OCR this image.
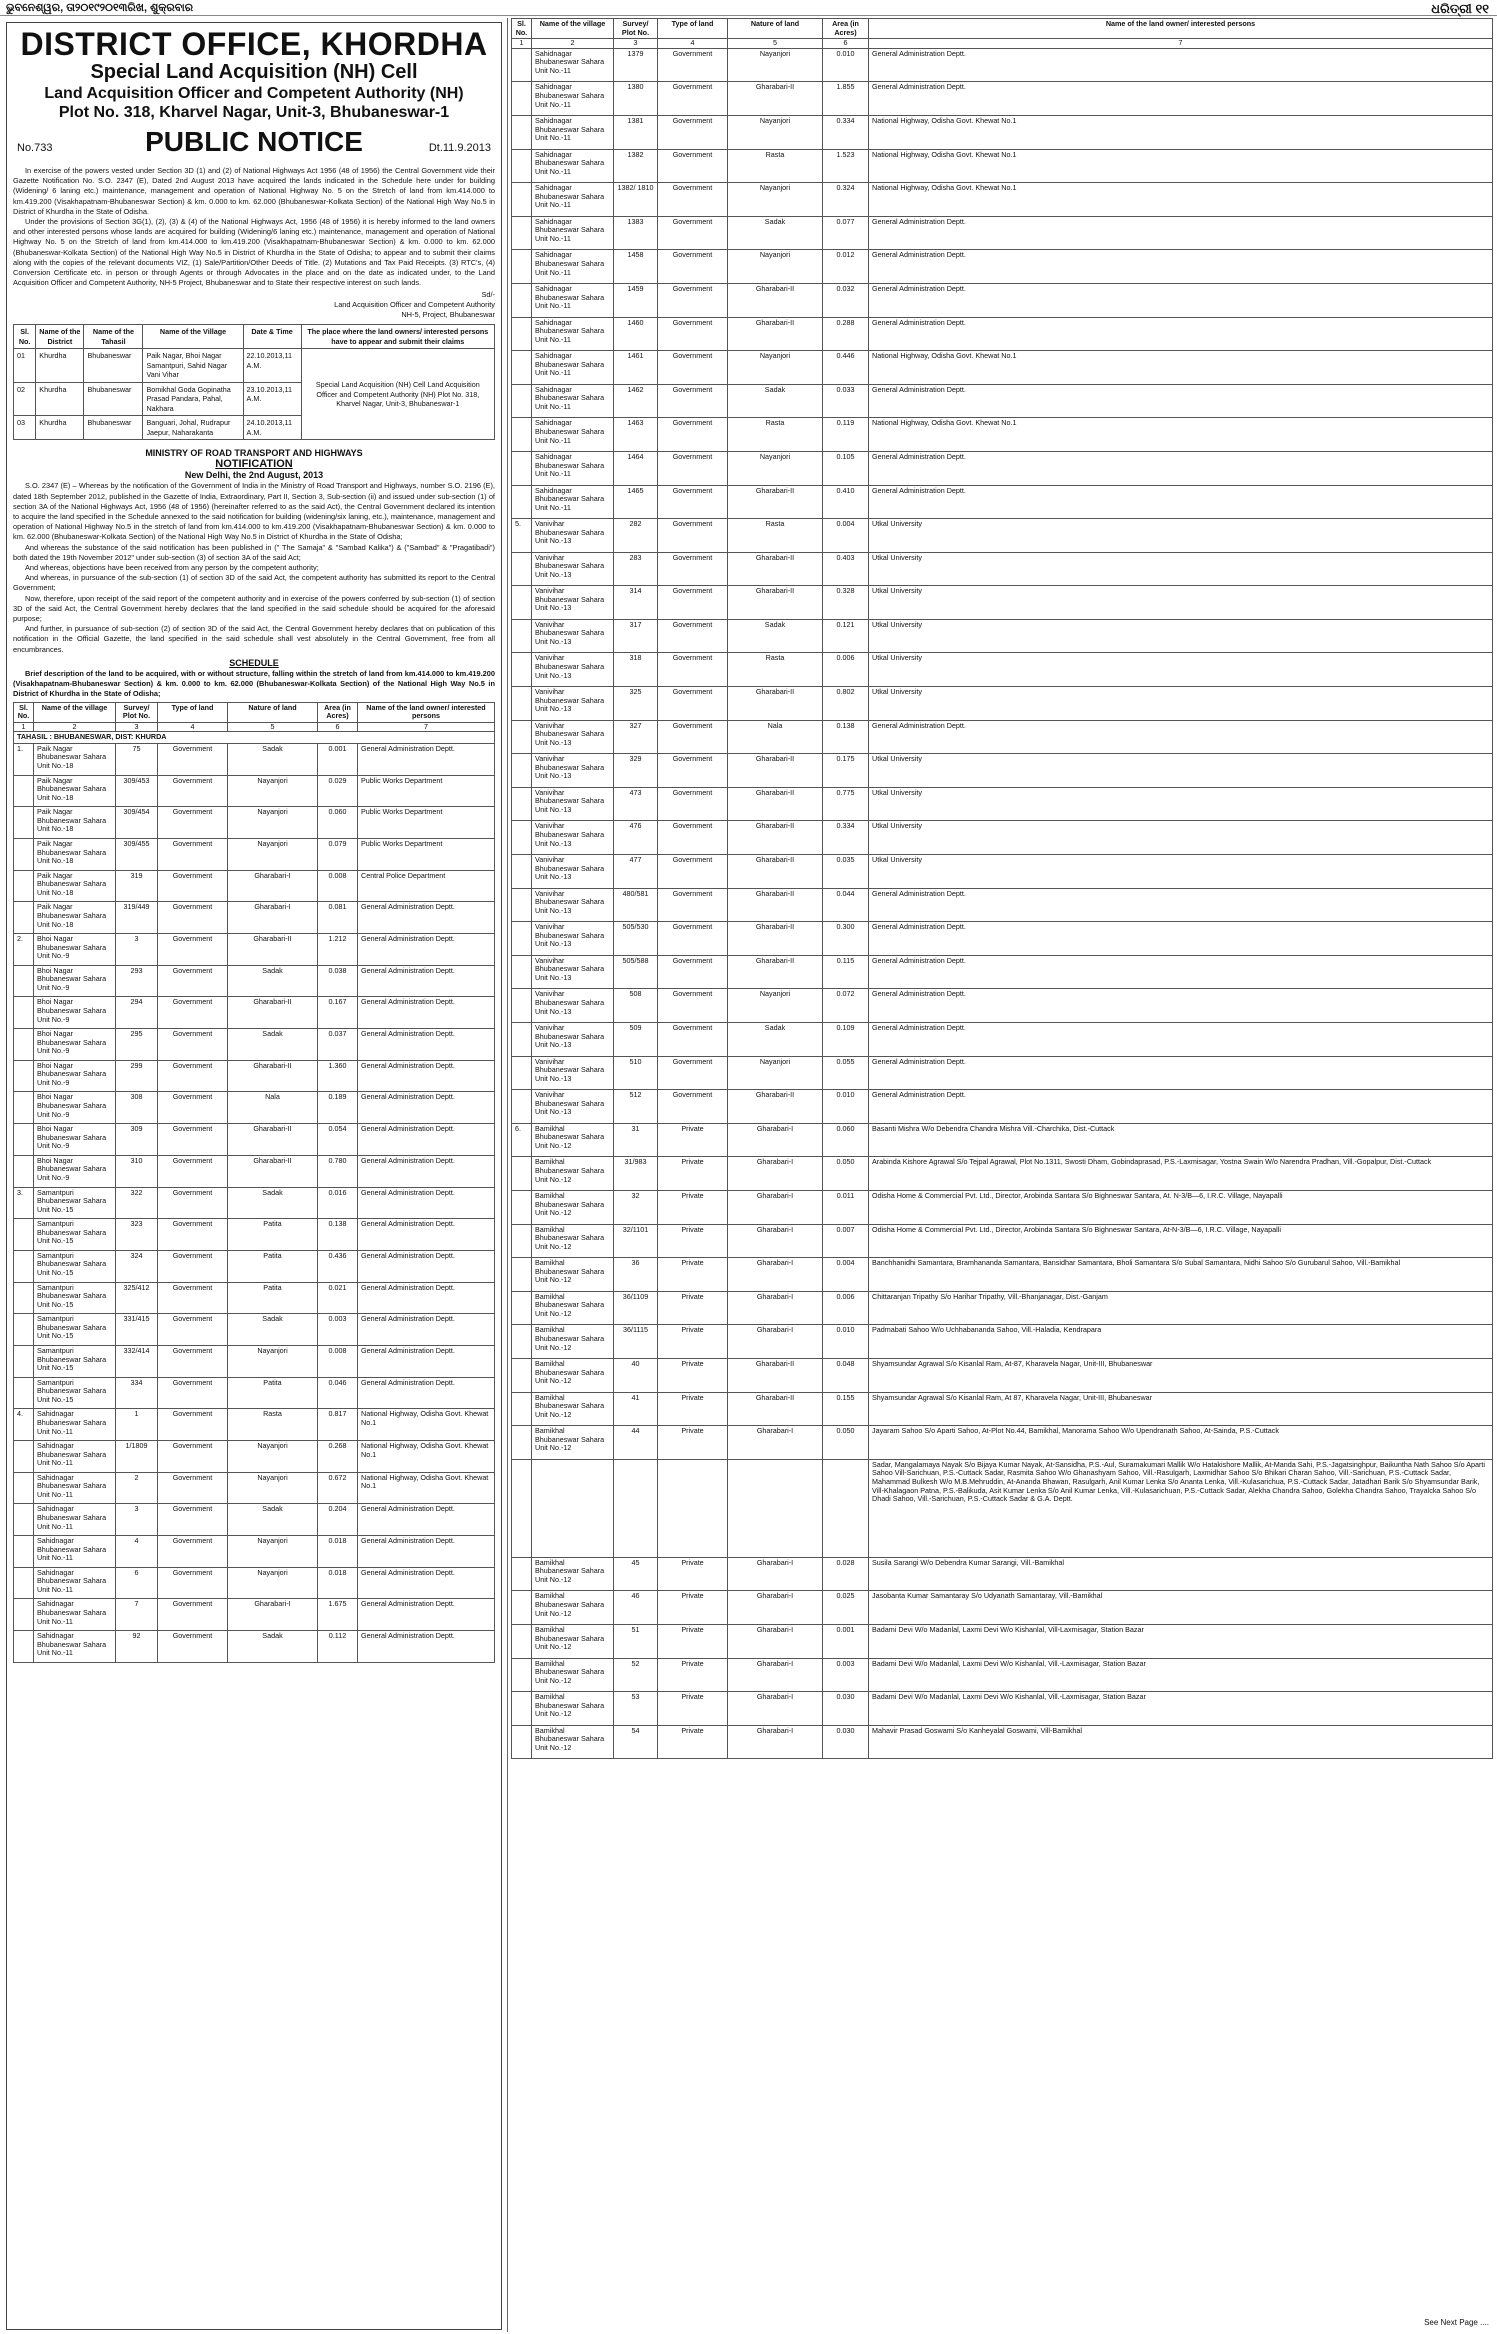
ଭୁବନେଶ୍ୱର, ତା୨୦୧୯୨୦୧୩ରିଖ, ଶୁକ୍ରବାର	ଧରିତ୍ରୀ ୧୧
DISTRICT OFFICE, KHORDHA
Special Land Acquisition (NH) Cell
Land Acquisition Officer and Competent Authority (NH)
Plot No. 318, Kharvel Nagar, Unit-3, Bhubaneswar-1
No.733	PUBLIC NOTICE	Dt.11.9.2013

In exercise of the powers vested under Section 3D (1) and (2) of National Highways Act 1956 (48 of 1956) the Central Government vide their Gazette Notification No. S.O. 2347 (E), Dated 2nd August 2013 have acquired the lands indicated in the Schedule here under for building (Widening/ 6 laning etc.) maintenance, management and operation of National Highway No. 5 on the Stretch of land from km.414.000 to km.419.200 (Visakhapatnam-Bhubaneswar Section) & km. 0.000 to km. 62.000 (Bhubaneswar-Kolkata Section) of the National High Way No.5 in District of Khurdha in the State of Odisha.

Under the provisions of Section 3G(1), (2), (3) & (4) of the National Highways Act, 1956 (48 of 1956) it is hereby informed to the land owners and other interested persons whose lands are acquired for building (Widening/6 laning etc.) maintenance, management and operation of National Highway No. 5 on the Stretch of land from km.414.000 to km.419.200 (Visakhapatnam-Bhubaneswar Section) & km. 0.000 to km. 62.000 (Bhubaneswar-Kolkata Section) of the National High Way No.5 in District of Khurdha in the State of Odisha; to appear and to submit their claims along with the copies of the relevant documents VIZ, (1) Sale/Partition/Other Deeds of Title. (2) Mutations and Tax Paid Receipts. (3) RTC's, (4) Conversion Certificate etc. in person or through Agents or through Advocates in the place and on the date as indicated under, to the Land Acquisition Officer and Competent Authority, NH-5 Project, Bhubaneswar and to State their respective interest on such lands.

Sd/-
Land Acquisition Officer and Competent Authority
NH-5, Project, Bhubaneswar
Sl. No.	Name of the District	Name of the Tahasil	Name of the Village	Date & Time	The place where the land owners/ interested persons have to appear and submit their claims
01	Khurdha	Bhubaneswar	Paik Nagar, Bhoi Nagar Samantpuri, Sahid Nagar Vani Vihar	22.10.2013,11 A.M.	Special Land Acquisition (NH) Cell Land Acquisition Officer and Competent Authority (NH) Plot No. 318, Kharvel Nagar, Unit-3, Bhubaneswar-1
02	Khurdha	Bhubaneswar	Bomikhal Goda Gopinatha Prasad Pandara, Pahal, Nakhara	23.10.2013,11 A.M.	
03	Khurdha	Bhubaneswar	Banguari, Johal, Rudrapur Jaepur, Naharakanta	24.10.2013,11 A.M.	
MINISTRY OF ROAD TRANSPORT AND HIGHWAYS
NOTIFICATION
New Delhi, the 2nd August, 2013

S.O. 2347 (E) – Whereas by the notification of the Government of India in the Ministry of Road Transport and Highways, number S.O. 2196 (E), dated 18th September 2012, published in the Gazette of India, Extraordinary, Part II, Section 3, Sub-section (ii) and issued under sub-section (1) of section 3A of the National Highways Act, 1956 (48 of 1956) (hereinafter referred to as the said Act), the Central Government declared its intention to acquire the land specified in the Schedule annexed to the said notification for building (widening/six laning, etc.), maintenance, management and operation of National Highway No.5 in the stretch of land from km.414.000 to km.419.200 (Visakhapatnam-Bhubaneswar Section) & km. 0.000 to km. 62.000 (Bhubaneswar-Kolkata Section) of the National High Way No.5 in District of Khurdha in the State of Odisha;

And whereas the substance of the said notification has been published in (" The Samaja" & "Sambad Kalika") & ("Sambad" & "Pragatibadi") both dated the 19th November 2012" under sub-section (3) of section 3A of the said Act;

And whereas, objections have been received from any person by the competent authority;

And whereas, in pursuance of the sub-section (1) of section 3D of the said Act, the competent authority has submitted its report to the Central Government;

Now, therefore, upon receipt of the said report of the competent authority and in exercise of the powers conferred by sub-section (1) of section 3D of the said Act, the Central Government hereby declares that the land specified in the said schedule should be acquired for the aforesaid purpose;

And further, in pursuance of sub-section (2) of section 3D of the said Act, the Central Government hereby declares that on publication of this notification in the Official Gazette, the land specified in the said schedule shall vest absolutely in the Central Government, free from all encumbrances.

SCHEDULE

Brief description of the land to be acquired, with or without structure, falling within the stretch of land from km.414.000 to km.419.200 (Visakhapatnam-Bhubaneswar Section) & km. 0.000 to km. 62.000 (Bhubaneswar-Kolkata Section) of the National High Way No.5 in District of Khurdha in the State of Odisha;

Sl. No.	Name of the village	Survey/ Plot No.	Type of land	Nature of land	Area (in Acres)	Name of the land owner/ interested persons
1	2	3	4	5	6	7
TAHASIL : BHUBANESWAR, DIST: KHURDA						
1.	Paik Nagar Bhubaneswar Sahara Unit No.-18	75	Government	Sadak	0.001	General Administration Deptt.
	Paik Nagar Bhubaneswar Sahara Unit No.-18	309/453	Government	Nayanjori	0.029	Public Works Department
	Paik Nagar Bhubaneswar Sahara Unit No.-18	309/454	Government	Nayanjori	0.060	Public Works Department
	Paik Nagar Bhubaneswar Sahara Unit No.-18	309/455	Government	Nayanjori	0.079	Public Works Department
	Paik Nagar Bhubaneswar Sahara Unit No.-18	319	Government	Gharabari-I	0.008	Central Police Department
	Paik Nagar Bhubaneswar Sahara Unit No.-18	319/449	Government	Gharabari-I	0.081	General Administration Deptt.
2.	Bhoi Nagar Bhubaneswar Sahara Unit No.-9	3	Government	Gharabari-II	1.212	General Administration Deptt.
	Bhoi Nagar Bhubaneswar Sahara Unit No.-9	293	Government	Sadak	0.038	General Administration Deptt.
	Bhoi Nagar Bhubaneswar Sahara Unit No.-9	294	Government	Gharabari-II	0.167	General Administration Deptt.
	Bhoi Nagar Bhubaneswar Sahara Unit No.-9	295	Government	Sadak	0.037	General Administration Deptt.
	Bhoi Nagar Bhubaneswar Sahara Unit No.-9	299	Government	Gharabari-II	1.360	General Administration Deptt.
	Bhoi Nagar Bhubaneswar Sahara Unit No.-9	308	Government	Nala	0.189	General Administration Deptt.
	Bhoi Nagar Bhubaneswar Sahara Unit No.-9	309	Government	Gharabari-II	0.054	General Administration Deptt.
	Bhoi Nagar Bhubaneswar Sahara Unit No.-9	310	Government	Gharabari-II	0.780	General Administration Deptt.
3.	Samantpuri Bhubaneswar Sahara Unit No.-15	322	Government	Sadak	0.016	General Administration Deptt.
	Samantpuri Bhubaneswar Sahara Unit No.-15	323	Government	Patita	0.138	General Administration Deptt.
	Samantpuri Bhubaneswar Sahara Unit No.-15	324	Government	Patita	0.436	General Administration Deptt.
	Samantpuri Bhubaneswar Sahara Unit No.-15	325/412	Government	Patita	0.021	General Administration Deptt.
	Samantpuri Bhubaneswar Sahara Unit No.-15	331/415	Government	Sadak	0.003	General Administration Deptt.
	Samantpuri Bhubaneswar Sahara Unit No.-15	332/414	Government	Nayanjori	0.008	General Administration Deptt.
	Samantpuri Bhubaneswar Sahara Unit No.-15	334	Government	Patita	0.046	General Administration Deptt.
4.	Sahidnagar Bhubaneswar Sahara Unit No.-11	1	Government	Rasta	0.817	National Highway, Odisha Govt. Khewat No.1
	Sahidnagar Bhubaneswar Sahara Unit No.-11	1/1809	Government	Nayanjori	0.268	National Highway, Odisha Govt. Khewat No.1
	Sahidnagar Bhubaneswar Sahara Unit No.-11	2	Government	Nayanjori	0.672	National Highway, Odisha Govt. Khewat No.1
	Sahidnagar Bhubaneswar Sahara Unit No.-11	3	Government	Sadak	0.204	General Administration Deptt.
	Sahidnagar Bhubaneswar Sahara Unit No.-11	4	Government	Nayanjori	0.018	General Administration Deptt.
	Sahidnagar Bhubaneswar Sahara Unit No.-11	6	Government	Nayanjori	0.018	General Administration Deptt.
	Sahidnagar Bhubaneswar Sahara Unit No.-11	7	Government	Gharabari-I	1.675	General Administration Deptt.
	Sahidnagar Bhubaneswar Sahara Unit No.-11	92	Government	Sadak	0.112	General Administration Deptt.
Sl. No.	Name of the village	Survey/ Plot No.	Type of land	Nature of land	Area (in Acres)	Name of the land owner/ interested persons
1	2	3	4	5	6	7
	Sahidnagar Bhubaneswar Sahara Unit No.-11	1379	Government	Nayanjori	0.010	General Administration Deptt.
	Sahidnagar Bhubaneswar Sahara Unit No.-11	1380	Government	Gharabari-II	1.855	General Administration Deptt.
	Sahidnagar Bhubaneswar Sahara Unit No.-11	1381	Government	Nayanjori	0.334	National Highway, Odisha Govt. Khewat No.1
	Sahidnagar Bhubaneswar Sahara Unit No.-11	1382	Government	Rasta	1.523	National Highway, Odisha Govt. Khewat No.1
	Sahidnagar Bhubaneswar Sahara Unit No.-11	1382/ 1810	Government	Nayanjori	0.324	National Highway, Odisha Govt. Khewat No.1
	Sahidnagar Bhubaneswar Sahara Unit No.-11	1383	Government	Sadak	0.077	General Administration Deptt.
	Sahidnagar Bhubaneswar Sahara Unit No.-11	1458	Government	Nayanjori	0.012	General Administration Deptt.
	Sahidnagar Bhubaneswar Sahara Unit No.-11	1459	Government	Gharabari-II	0.032	General Administration Deptt.
	Sahidnagar Bhubaneswar Sahara Unit No.-11	1460	Government	Gharabari-II	0.288	General Administration Deptt.
	Sahidnagar Bhubaneswar Sahara Unit No.-11	1461	Government	Nayanjori	0.446	National Highway, Odisha Govt. Khewat No.1
	Sahidnagar Bhubaneswar Sahara Unit No.-11	1462	Government	Sadak	0.033	General Administration Deptt.
	Sahidnagar Bhubaneswar Sahara Unit No.-11	1463	Government	Rasta	0.119	National Highway, Odisha Govt. Khewat No.1
	Sahidnagar Bhubaneswar Sahara Unit No.-11	1464	Government	Nayanjori	0.105	General Administration Deptt.
	Sahidnagar Bhubaneswar Sahara Unit No.-11	1465	Government	Gharabari-II	0.410	General Administration Deptt.
5.	Vanivihar Bhubaneswar Sahara Unit No.-13	282	Government	Rasta	0.004	Utkal University
	Vanivihar Bhubaneswar Sahara Unit No.-13	283	Government	Gharabari-II	0.403	Utkal University
	Vanivihar Bhubaneswar Sahara Unit No.-13	314	Government	Gharabari-II	0.328	Utkal University
	Vanivihar Bhubaneswar Sahara Unit No.-13	317	Government	Sadak	0.121	Utkal University
	Vanivihar Bhubaneswar Sahara Unit No.-13	318	Government	Rasta	0.006	Utkal University
	Vanivihar Bhubaneswar Sahara Unit No.-13	325	Government	Gharabari-II	0.802	Utkal University
	Vanivihar Bhubaneswar Sahara Unit No.-13	327	Government	Nala	0.138	General Administration Deptt.
	Vanivihar Bhubaneswar Sahara Unit No.-13	329	Government	Gharabari-II	0.175	Utkal University
	Vanivihar Bhubaneswar Sahara Unit No.-13	473	Government	Gharabari-II	0.775	Utkal University
	Vanivihar Bhubaneswar Sahara Unit No.-13	476	Government	Gharabari-II	0.334	Utkal University
	Vanivihar Bhubaneswar Sahara Unit No.-13	477	Government	Gharabari-II	0.035	Utkal University
	Vanivihar Bhubaneswar Sahara Unit No.-13	480/581	Government	Gharabari-II	0.044	General Administration Deptt.
	Vanivihar Bhubaneswar Sahara Unit No.-13	505/530	Government	Gharabari-II	0.300	General Administration Deptt.
	Vanivihar Bhubaneswar Sahara Unit No.-13	505/588	Government	Gharabari-II	0.115	General Administration Deptt.
	Vanivihar Bhubaneswar Sahara Unit No.-13	508	Government	Nayanjori	0.072	General Administration Deptt.
	Vanivihar Bhubaneswar Sahara Unit No.-13	509	Government	Sadak	0.109	General Administration Deptt.
	Vanivihar Bhubaneswar Sahara Unit No.-13	510	Government	Nayanjori	0.055	General Administration Deptt.
	Vanivihar Bhubaneswar Sahara Unit No.-13	512	Government	Gharabari-II	0.010	General Administration Deptt.
6.	Bamikhal Bhubaneswar Sahara Unit No.-12	31	Private	Gharabari-I	0.060	Basanti Mishra W/o Debendra Chandra Mishra Vill.-Charchika, Dist.-Cuttack
	Bamikhal Bhubaneswar Sahara Unit No.-12	31/983	Private	Gharabari-I	0.050	Arabinda Kishore Agrawal S/o Tejpal Agrawal, Plot No.1311, Swosti Dham, Gobindaprasad, P.S.-Laxmisagar, Yostna Swain W/o Narendra Pradhan, Vill.-Gopalpur, Dist.-Cuttack
	Bamikhal Bhubaneswar Sahara Unit No.-12	32	Private	Gharabari-I	0.011	Odisha Home & Commercial Pvt. Ltd., Director, Arobinda Santara S/o Bighneswar Santara, At. N-3/B—6, I.R.C. Village, Nayapalli
	Bamikhal Bhubaneswar Sahara Unit No.-12	32/1101	Private	Gharabari-I	0.007	Odisha Home & Commercial Pvt. Ltd., Director, Arobinda Santara S/o Bighneswar Santara, At-N-3/B—6, I.R.C. Village, Nayapalli
	Bamikhal Bhubaneswar Sahara Unit No.-12	36	Private	Gharabari-I	0.004	Banchhanidhi Samantara, Bramhananda Samantara, Bansidhar Samantara, Bholi Samantara S/o Subal Samantara, Nidhi Sahoo S/o Gurubarul Sahoo, Vill.-Bamikhal
	Bamikhal Bhubaneswar Sahara Unit No.-12	36/1109	Private	Gharabari-I	0.006	Chittaranjan Tripathy S/o Harihar Tripathy, Vill.-Bhanjanagar, Dist.-Ganjam
	Bamikhal Bhubaneswar Sahara Unit No.-12	36/1115	Private	Gharabari-I	0.010	Padmabati Sahoo W/o Uchhabananda Sahoo, Vill.-Haladia, Kendrapara
	Bamikhal Bhubaneswar Sahara Unit No.-12	40	Private	Gharabari-II	0.048	Shyamsundar Agrawal S/o Kisanlal Ram, At-87, Kharavela Nagar, Unit-III, Bhubaneswar
	Bamikhal Bhubaneswar Sahara Unit No.-12	41	Private	Gharabari-II	0.155	Shyamsundar Agrawal S/o Kisanlal Ram, At 87, Kharavela Nagar, Unit-III, Bhubaneswar
	Bamikhal Bhubaneswar Sahara Unit No.-12	44	Private	Gharabari-I	0.050	Jayaram Sahoo S/o Aparti Sahoo, At-Plot No.44, Bamikhal, Manorama Sahoo W/o Upendranath Sahoo, At-Sainda, P.S.-Cuttack
						Sadar, Mangalamaya Nayak S/o Bijaya Kumar Nayak, At-Sansidha, P.S.-Aul, Suramakumari Mallik W/o Hatakishore Mallik, At-Manda Sahi, P.S.-Jagatsinghpur, Baikuntha Nath Sahoo S/o Aparti Sahoo Vill-Sarichuan, P.S.-Cuttack Sadar, Rasmita Sahoo W/o Ghanashyam Sahoo, Vill.-Rasulgarh, Laxmidhar Sahoo S/o Bhikari Charan Sahoo, Vill.-Sarichuan, P.S.-Cuttack Sadar, Mahammad Bulkesh W/o M.B.Mehruddin, At-Ananda Bhawan, Rasulgarh, Anil Kumar Lenka S/o Ananta Lenka, Vill.-Kulasarichua, P.S.-Cuttack Sadar, Jatadhari Barik S/o Shyamsundar Barik, Vill-Khalagaon Patna, P.S.-Balikuda, Asit Kumar Lenka S/o Anil Kumar Lenka, Vill.-Kulasarichuan, P.S.-Cuttack Sadar, Alekha Chandra Sahoo, Golekha Chandra Sahoo, Trayalcka Sahoo S/o Dhadi Sahoo, Vill.-Sarichuan, P.S.-Cuttack Sadar & G.A. Deptt.
	Bamikhal Bhubaneswar Sahara Unit No.-12	45	Private	Gharabari-I	0.028	Susila Sarangi W/o Debendra Kumar Sarangi, Vill.-Bamikhal
	Bamikhal Bhubaneswar Sahara Unit No.-12	46	Private	Gharabari-I	0.025	Jasobanta Kumar Samantaray S/o Udyanath Samantaray, Vill.-Bamikhal
	Bamikhal Bhubaneswar Sahara Unit No.-12	51	Private	Gharabari-I	0.001	Badami Devi W/o Madanlal, Laxmi Devi W/o Kishanlal, Vill-Laxmisagar, Station Bazar
	Bamikhal Bhubaneswar Sahara Unit No.-12	52	Private	Gharabari-I	0.003	Badami Devi W/o Madanlal, Laxmi Devi W/o Kishanlal, Vill.-Laxmisagar, Station Bazar
	Bamikhal Bhubaneswar Sahara Unit No.-12	53	Private	Gharabari-I	0.030	Badami Devi W/o Madanlal, Laxmi Devi W/o Kishanlal, Vill.-Laxmisagar, Station Bazar
	Bamikhal Bhubaneswar Sahara Unit No.-12	54	Private	Gharabari-I	0.030	Mahavir Prasad Goswami S/o Kanheyalal Goswami, Vill-Bamikhal
See Next Page ....
